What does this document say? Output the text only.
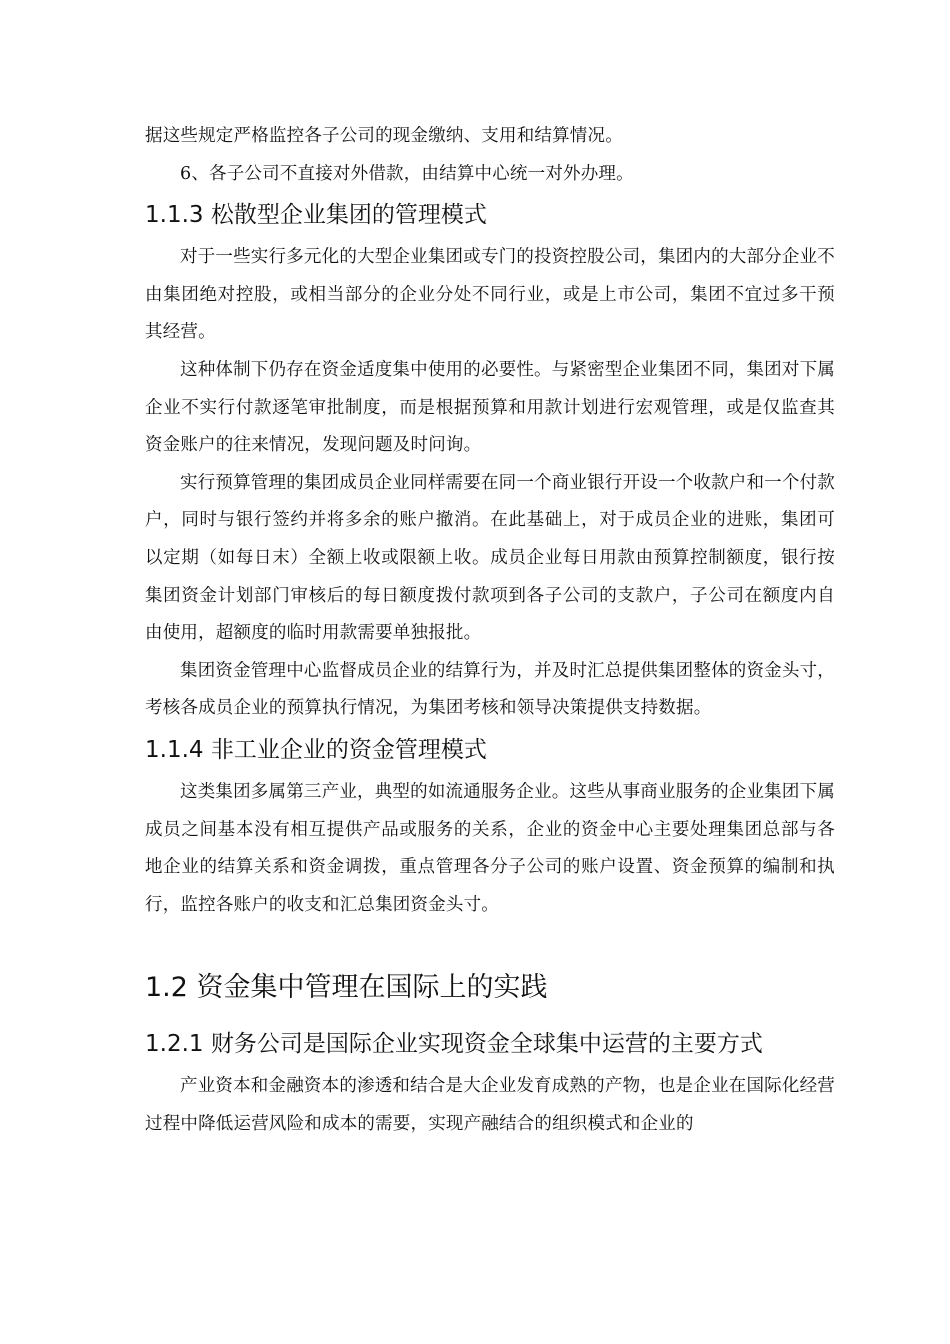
据这些规定严格监控各子公司的现金缴纳、支用和结算情况。

6、各子公司不直接对外借款，由结算中心统一对外办理。

1.1.3 松散型企业集团的管理模式

对于一些实行多元化的大型企业集团或专门的投资控股公司，集团内的大部分企业不由集团绝对控股，或相当部分的企业分处不同行业，或是上市公司，集团不宜过多干预其经营。

这种体制下仍存在资金适度集中使用的必要性。与紧密型企业集团不同，集团对下属企业不实行付款逐笔审批制度，而是根据预算和用款计划进行宏观管理，或是仅监查其资金账户的往来情况，发现问题及时问询。

实行预算管理的集团成员企业同样需要在同一个商业银行开设一个收款户和一个付款户，同时与银行签约并将多余的账户撤消。在此基础上，对于成员企业的进账，集团可以定期（如每日末）全额上收或限额上收。成员企业每日用款由预算控制额度，银行按集团资金计划部门审核后的每日额度拨付款项到各子公司的支款户，子公司在额度内自由使用，超额度的临时用款需要单独报批。

集团资金管理中心监督成员企业的结算行为，并及时汇总提供集团整体的资金头寸，考核各成员企业的预算执行情况，为集团考核和领导决策提供支持数据。

1.1.4 非工业企业的资金管理模式

这类集团多属第三产业，典型的如流通服务企业。这些从事商业服务的企业集团下属成员之间基本没有相互提供产品或服务的关系，企业的资金中心主要处理集团总部与各地企业的结算关系和资金调拨，重点管理各分子公司的账户设置、资金预算的编制和执行，监控各账户的收支和汇总集团资金头寸。

1.2 资金集中管理在国际上的实践
1.2.1 财务公司是国际企业实现资金全球集中运营的主要方式

产业资本和金融资本的渗透和结合是大企业发育成熟的产物，也是企业在国际化经营过程中降低运营风险和成本的需要，实现产融结合的组织模式和企业的
